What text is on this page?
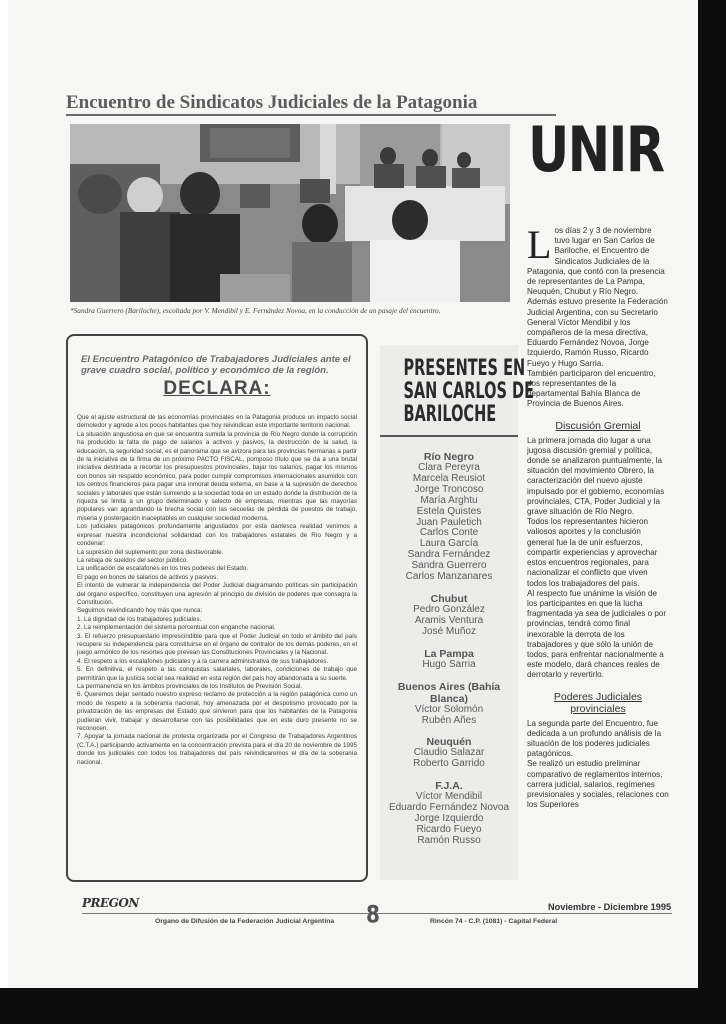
Encuentro de Sindicatos Judiciales de la Patagonia
*Sandra Guerrero (Bariloche), escoltada por V. Mendibil y E. Fernández Novoa, en la conducción de un pasaje del encuentro.
UNIR
El Encuentro Patagónico de Trabajadores Judiciales ante el grave cuadro social, político y económico de la región.
DECLARA:
Que el ajuste estructural de las economías provinciales en la Patagonia produce un impacto social demoledor y agrede a los pocos habitantes que hoy reivindican este importante territorio nacional.
La situación angustiosa en que se encuentra sumida la provincia de Río Negro donde la corrupción ha producido la falta de pago de salarios a activos y pasivos, la destrucción de la salud, la educación, la seguridad social, es el panorama que se avizora para las provincias hermanas a partir de la iniciativa de la firma de un próximo PACTO FISCAL, pomposo título que se da a una brutal iniciativa destinada a recortar los presupuestos provinciales, bajar los salarios, pagar los mismos con bonos sin respaldo económico, para poder cumplir compromisos internacionales asumidos con los centros financieros para pagar una inmoral deuda externa, en base a la supresión de derechos sociales y laborales que están sumiendo a la sociedad toda en un estado donde la distribución de la riqueza se limita a un grupo determinado y selecto de empresas, mientras que las mayorías populares van agrandando la brecha social con las secuelas de pérdida de puestos de trabajo, miseria y postergación inaceptables en cualquier sociedad moderna.
Los judiciales patagónicos profundamente angustiados por esta dantesca realidad venimos a expresar nuestra incondicional solidaridad con los trabajadores estatales de Río Negro y a condenar:
La supresión del suplemento por zona desfavorable.
La rebaja de sueldos del sector público.
La unificación de escalafones en los tres poderes del Estado.
El pago en bonos de salarios de activos y pasivos.
El intento de vulnerar la independencia del Poder Judicial diagramando políticas sin participación del órgano específico, constituyen una agresión al principio de división de poderes que consagra la Constitución.
Seguimos reivindicando hoy más que nunca:
1. La dignidad de los trabajadores judiciales.
2. La reimplementación del sistema porcentual con enganche nacional.
3. El refuerzo presupuestario imprescindible para que el Poder Judicial en todo el ámbito del país recupere su independencia para constituirse en el órgano de contralor de los demás poderes, en el juego armónico de los resortes que prevean las Constituciones Provinciales y la Nacional.
4. El respeto a los escalafones judiciales y a la carrera administrativa de sus trabajadores.
5. En definitiva, el respeto a las conquistas salariales, laborales, condiciones de trabajo que permitirán que la justicia social sea realidad en esta región del país hoy abandonada a su suerte.
La permanencia en los ámbitos provinciales de los Institutos de Previsión Social.
6. Queremos dejar sentado nuestro expreso reclamo de protección a la región patagónica como un modo de respeto a la soberanía nacional, hoy amenazada por el despotismo provocado por la privatización de las empresas del Estado que sirvieron para que los habitantes de la Patagonia pudieran vivir, trabajar y desarrollarse con las posibilidades que en este duro presente no se reconocen.
7. Apoyar la jornada nacional de protesta organizada por el Congreso de Trabajadores Argentinos (C.T.A.) participando activamente en la concentración prevista para el día 20 de noviembre de 1995 donde los judiciales con todos los trabajadores del país reivindicaremos el día de la soberanía nacional.
PRESENTES EN
SAN CARLOS DE
BARILOCHE
Río Negro
Clara Pereyra
Marcela Reusiot
Jorge Troncoso
María Arghtu
Estela Quistes
Juan Pauletich
Carlos Conte
Laura García
Sandra Fernández
Sandra Guerrero
Carlos Manzanares
Chubut
Pedro González
Aramis Ventura
José Muñoz
La Pampa
Hugo Sarria
Buenos Aires (Bahía Blanca)
Víctor Solomón
Rubén Añes
Neuquén
Claudio Salazar
Roberto Garrido
F.J.A.
Víctor Mendibil
Eduardo Fernández Novoa
Jorge Izquierdo
Ricardo Fueyo
Ramón Russo

Los días 2 y 3 de noviembre tuvo lugar en San Carlos de Bariloche, el Encuentro de Sindicatos Judiciales de la Patagonia, que contó con la presencia de representantes de La Pampa, Neuquén, Chubut y Río Negro.

Además estuvo presente la Federación Judicial Argentina, con su Secretario General Víctor Mendibil y los compañeros de la mesa directiva, Eduardo Fernández Novoa, Jorge Izquierdo, Ramón Russo, Ricardo Fueyo y Hugo Sarria.

También participaron del encuentro, dos representantes de la departamental Bahía Blanca de Provincia de Buenos Aires.

Discusión Gremial

La primera jornada dio lugar a una jugosa discusión gremial y política, donde se analizaron puntualmente, la situación del movimiento Obrero, la caracterización del nuevo ajuste impulsado por el gobierno, economías provinciales, CTA, Poder Judicial y la grave situación de Río Negro.

Todos los representantes hicieron valiosos aportes y la conclusión general fue la de unir esfuerzos, compartir experiencias y aprovechar estos encuentros regionales, para nacionalizar el conflicto que viven todos los trabajadores del país.

Al respecto fue unánime la visión de los participantes en que la lucha fragmentada ya sea de judiciales o por provincias, tendrá como final inexorable la derrota de los trabajadores y que sólo la unión de todos, para enfrentar nacionalmente a este modelo, dará chances reales de derrotarlo y revertirlo.

Poderes Judiciales provinciales

La segunda parte del Encuentro, fue dedicada a un profundo análisis de la situación de los poderes judiciales patagónicos.

Se realizó un estudio preliminar comparativo de reglamentos internos, carrera judicial, salarios, regímenes previsionales y sociales, relaciones con los Superiores

PREGON
Organo de Difusión de la Federación Judicial Argentina 8	Rincón 74 - C.P. (1081) - Capital Federal
Noviembre - Diciembre 1995
